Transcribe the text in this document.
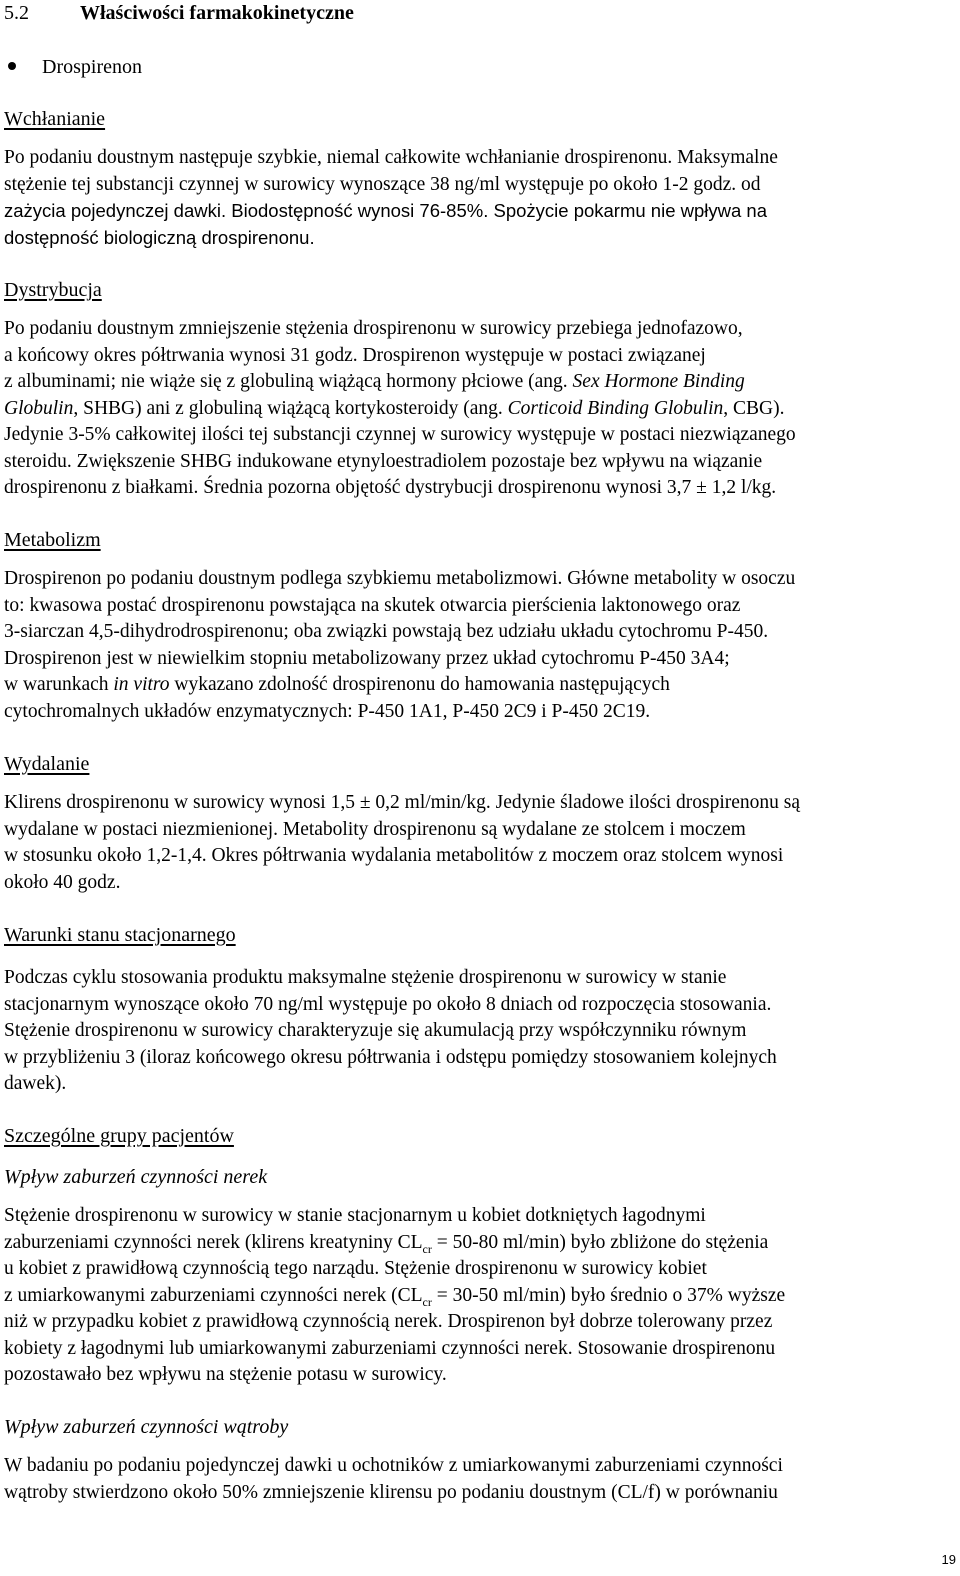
5.2	Właściwości farmakokinetyczne
Drospirenon
Wchłanianie

Po podaniu doustnym następuje szybkie, niemal całkowite wchłanianie drospirenonu. Maksymalne
stężenie tej substancji czynnej w surowicy wynoszące 38 ng/ml występuje po około 1-2 godz. od
zażycia pojedynczej dawki. Biodostępność wynosi 76-85%. Spożycie pokarmu nie wpływa na
dostępność biologiczną drospirenonu.

Dystrybucja

Po podaniu doustnym zmniejszenie stężenia drospirenonu w surowicy przebiega jednofazowo,
a końcowy okres półtrwania wynosi 31 godz. Drospirenon występuje w postaci związanej
z albuminami; nie wiąże się z globuliną wiążącą hormony płciowe (ang. Sex Hormone Binding
Globulin, SHBG) ani z globuliną wiążącą kortykosteroidy (ang. Corticoid Binding Globulin, CBG).
Jedynie 3-5% całkowitej ilości tej substancji czynnej w surowicy występuje w postaci niezwiązanego
steroidu. Zwiększenie SHBG indukowane etynyloestradiolem pozostaje bez wpływu na wiązanie
drospirenonu z białkami. Średnia pozorna objętość dystrybucji drospirenonu wynosi 3,7 ± 1,2 l/kg.

Metabolizm

Drospirenon po podaniu doustnym podlega szybkiemu metabolizmowi. Główne metabolity w osoczu
to: kwasowa postać drospirenonu powstająca na skutek otwarcia pierścienia laktonowego oraz
3-siarczan 4,5-dihydrodrospirenonu; oba związki powstają bez udziału układu cytochromu P-450.
Drospirenon jest w niewielkim stopniu metabolizowany przez układ cytochromu P-450 3A4;
w warunkach in vitro wykazano zdolność drospirenonu do hamowania następujących
cytochromalnych układów enzymatycznych: P-450 1A1, P-450 2C9 i P-450 2C19.

Wydalanie

Klirens drospirenonu w surowicy wynosi 1,5 ± 0,2 ml/min/kg. Jedynie śladowe ilości drospirenonu są
wydalane w postaci niezmienionej. Metabolity drospirenonu są wydalane ze stolcem i moczem
w stosunku około 1,2-1,4. Okres półtrwania wydalania metabolitów z moczem oraz stolcem wynosi
około 40 godz.

Warunki stanu stacjonarnego

Podczas cyklu stosowania produktu maksymalne stężenie drospirenonu w surowicy w stanie
stacjonarnym wynoszące około 70 ng/ml występuje po około 8 dniach od rozpoczęcia stosowania.
Stężenie drospirenonu w surowicy charakteryzuje się akumulacją przy współczynniku równym
w przybliżeniu 3 (iloraz końcowego okresu półtrwania i odstępu pomiędzy stosowaniem kolejnych
dawek).

Szczególne grupy pacjentów
Wpływ zaburzeń czynności nerek

Stężenie drospirenonu w surowicy w stanie stacjonarnym u kobiet dotkniętych łagodnymi
zaburzeniami czynności nerek (klirens kreatyniny $CL_{cr} = 50-80$ ml/min) było zbliżone do stężenia
u kobiet z prawidłową czynnością tego narządu. Stężenie drospirenonu w surowicy kobiet
z umiarkowanymi zaburzeniami czynności nerek ($CL_{cr} = 30-50$ ml/min) było średnio o 37% wyższe
niż w przypadku kobiet z prawidłową czynnością nerek. Drospirenon był dobrze tolerowany przez
kobiety z łagodnymi lub umiarkowanymi zaburzeniami czynności nerek. Stosowanie drospirenonu
pozostawało bez wpływu na stężenie potasu w surowicy.

Wpływ zaburzeń czynności wątroby

W badaniu po podaniu pojedynczej dawki u ochotników z umiarkowanymi zaburzeniami czynności
wątroby stwierdzono około 50% zmniejszenie klirensu po podaniu doustnym (CL/f) w porównaniu

19
